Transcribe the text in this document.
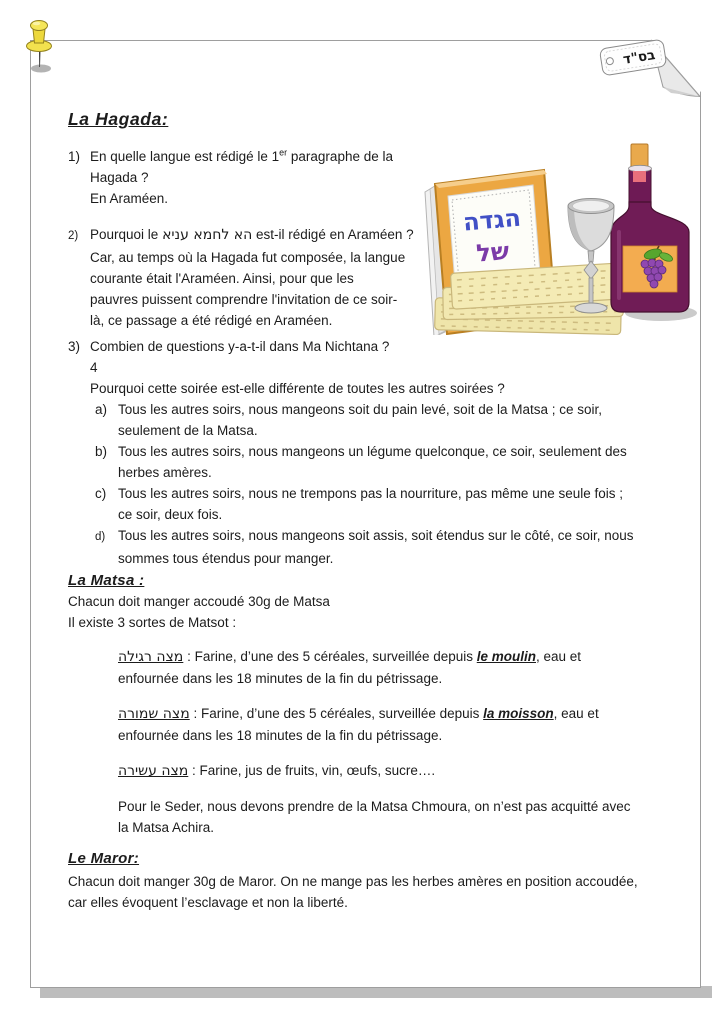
בס"ד
La Hagada:
1) En quelle langue est rédigé le 1er paragraphe de la
Hagada ?
En Araméen.
2) Pourquoi le הא לחמא עניא est-il rédigé en Araméen ?
Car, au temps où la Hagada fut composée, la langue
courante était l'Araméen. Ainsi, pour que les
pauvres puissent comprendre l'invitation de ce soir-
là, ce passage a été rédigé en Araméen.
3) Combien de questions y-a-t-il dans Ma Nichtana ?
4
Pourquoi cette soirée est-elle différente de toutes les autres soirées ?
a) Tous les autres soirs, nous mangeons soit du pain levé, soit de la Matsa ; ce soir,
seulement de la Matsa.
b) Tous les autres soirs, nous mangeons un légume quelconque, ce soir, seulement des
herbes amères.
c) Tous les autres soirs, nous ne trempons pas la nourriture, pas même une seule fois ;
ce soir, deux fois.
d) Tous les autres soirs, nous mangeons soit assis, soit étendus sur le côté, ce soir, nous
sommes tous étendus pour manger.
La Matsa :
Chacun doit manger accoudé 30g de Matsa
Il existe 3 sortes de Matsot :
מצה רגילה : Farine, d’une des 5 céréales, surveillée depuis le moulin, eau et
enfournée dans les 18 minutes de la fin du pétrissage.
מצה שמורה : Farine, d’une des 5 céréales, surveillée depuis la moisson, eau et
enfournée dans les 18 minutes de la fin du pétrissage.
מצה עשירה : Farine, jus de fruits, vin, œufs, sucre….
Pour le Seder, nous devons prendre de la Matsa Chmoura, on n’est pas acquitté avec
la Matsa Achira.
Le Maror:
Chacun doit manger 30g de Maror. On ne mange pas les herbes amères en position accoudée,
car elles évoquent l’esclavage et non la liberté.
הגדה
של
